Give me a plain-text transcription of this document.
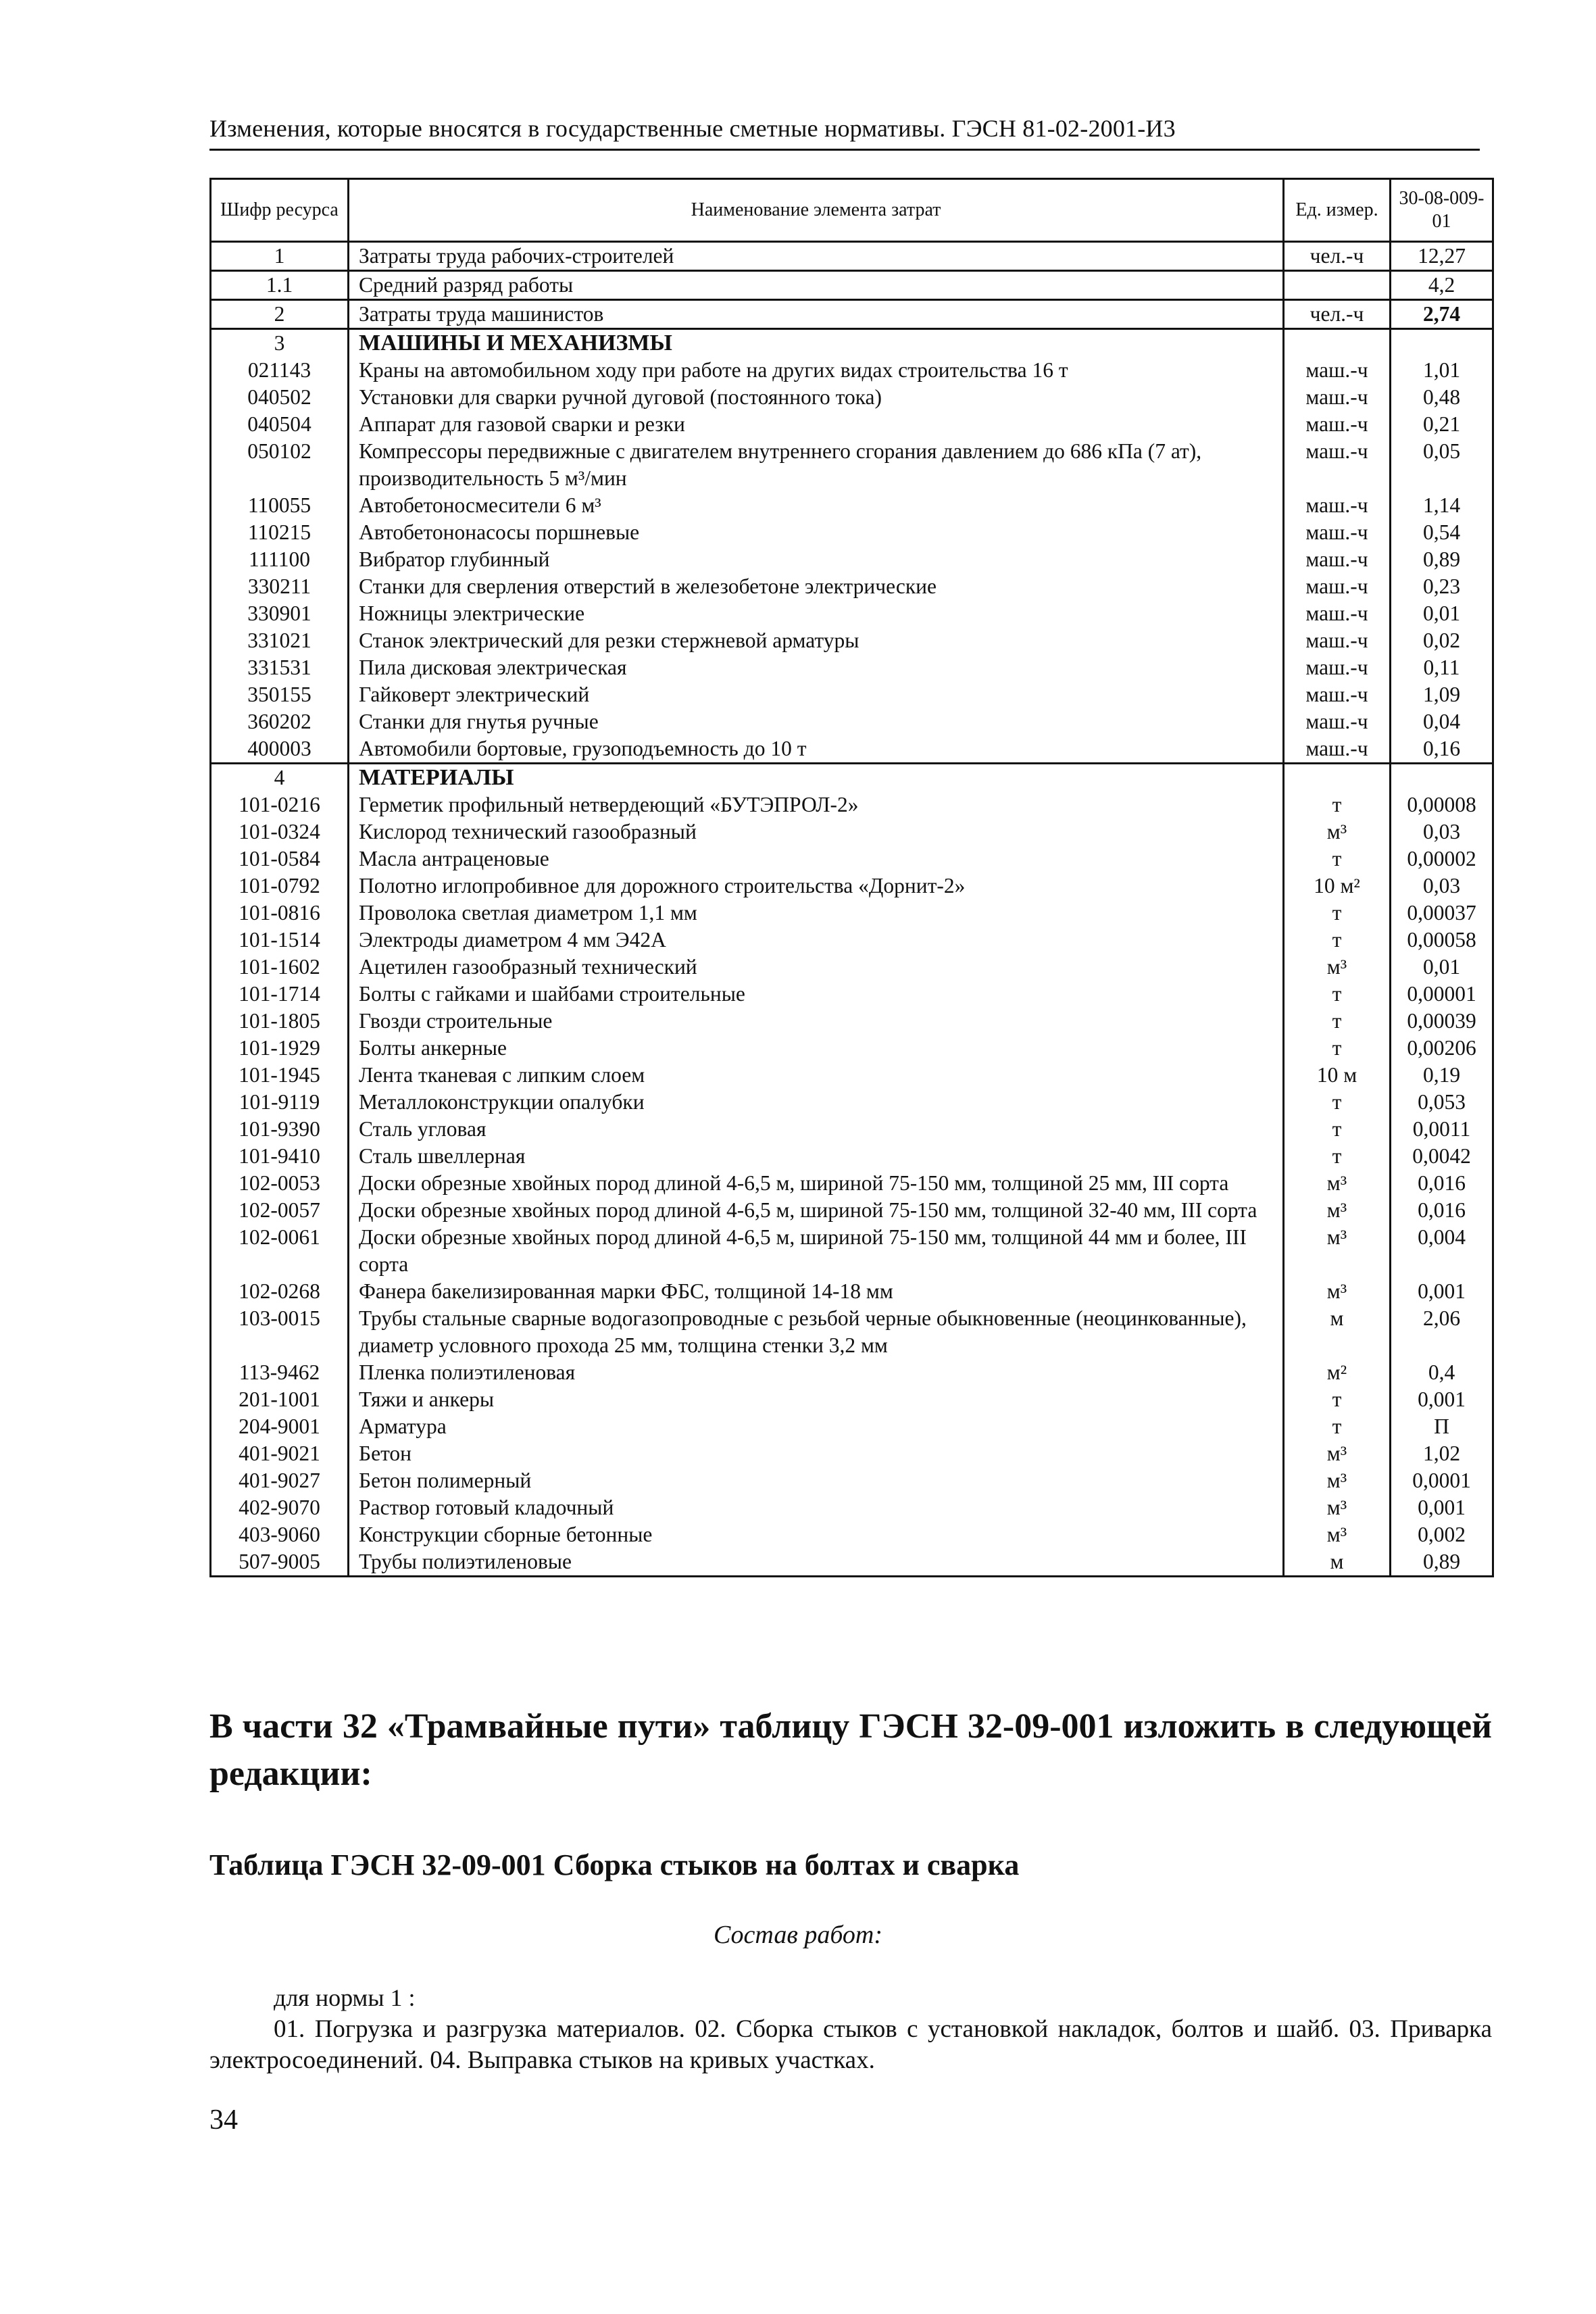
Изменения, которые вносятся в государственные сметные нормативы. ГЭСН 81-02-2001-И3
Шифр ресурса	Наименование элемента затрат	Ед. измер.	30-08-009-01
1	Затраты труда рабочих-строителей	чел.-ч	12,27
1.1	Средний разряд работы		4,2
2	Затраты труда машинистов	чел.-ч	2,74
3	МАШИНЫ И МЕХАНИЗМЫ		
021143	Краны на автомобильном ходу при работе на других видах строительства 16 т	маш.-ч	1,01
040502	Установки для сварки ручной дуговой (постоянного тока)	маш.-ч	0,48
040504	Аппарат для газовой сварки и резки	маш.-ч	0,21
050102	Компрессоры передвижные с двигателем внутреннего сгорания давлением до 686 кПа (7 ат), производительность 5 м³/мин	маш.-ч	0,05
110055	Автобетоносмесители 6 м³	маш.-ч	1,14
110215	Автобетононасосы поршневые	маш.-ч	0,54
111100	Вибратор глубинный	маш.-ч	0,89
330211	Станки для сверления отверстий в железобетоне электрические	маш.-ч	0,23
330901	Ножницы электрические	маш.-ч	0,01
331021	Станок электрический для резки стержневой арматуры	маш.-ч	0,02
331531	Пила дисковая электрическая	маш.-ч	0,11
350155	Гайковерт электрический	маш.-ч	1,09
360202	Станки для гнутья ручные	маш.-ч	0,04
400003	Автомобили бортовые, грузоподъемность до 10 т	маш.-ч	0,16
4	МАТЕРИАЛЫ		
101-0216	Герметик профильный нетвердеющий «БУТЭПРОЛ-2»	т	0,00008
101-0324	Кислород технический газообразный	м³	0,03
101-0584	Масла антраценовые	т	0,00002
101-0792	Полотно иглопробивное для дорожного строительства «Дорнит-2»	10 м²	0,03
101-0816	Проволока светлая диаметром 1,1 мм	т	0,00037
101-1514	Электроды диаметром 4 мм Э42А	т	0,00058
101-1602	Ацетилен газообразный технический	м³	0,01
101-1714	Болты с гайками и шайбами строительные	т	0,00001
101-1805	Гвозди строительные	т	0,00039
101-1929	Болты анкерные	т	0,00206
101-1945	Лента тканевая с липким слоем	10 м	0,19
101-9119	Металлоконструкции опалубки	т	0,053
101-9390	Сталь угловая	т	0,0011
101-9410	Сталь швеллерная	т	0,0042
102-0053	Доски обрезные хвойных пород длиной 4-6,5 м, шириной 75-150 мм, толщиной 25 мм, III сорта	м³	0,016
102-0057	Доски обрезные хвойных пород длиной 4-6,5 м, шириной 75-150 мм, толщиной 32-40 мм, III сорта	м³	0,016
102-0061	Доски обрезные хвойных пород длиной 4-6,5 м, шириной 75-150 мм, толщиной 44 мм и более, III сорта	м³	0,004
102-0268	Фанера бакелизированная марки ФБС, толщиной 14-18 мм	м³	0,001
103-0015	Трубы стальные сварные водогазопроводные с резьбой черные обыкновенные (неоцинкованные), диаметр условного прохода 25 мм, толщина стенки 3,2 мм	м	2,06
113-9462	Пленка полиэтиленовая	м²	0,4
201-1001	Тяжи и анкеры	т	0,001
204-9001	Арматура	т	П
401-9021	Бетон	м³	1,02
401-9027	Бетон полимерный	м³	0,0001
402-9070	Раствор готовый кладочный	м³	0,001
403-9060	Конструкции сборные бетонные	м³	0,002
507-9005	Трубы полиэтиленовые	м	0,89
В части 32 «Трамвайные пути» таблицу ГЭСН 32-09-001 изложить в следующей редакции:
Таблица ГЭСН 32-09-001 Сборка стыков на болтах и сварка
Состав работ:
для нормы 1 :
01. Погрузка и разгрузка материалов. 02. Сборка стыков с установкой накладок, болтов и шайб. 03. Приварка электросоединений. 04. Выправка стыков на кривых участках.
34
